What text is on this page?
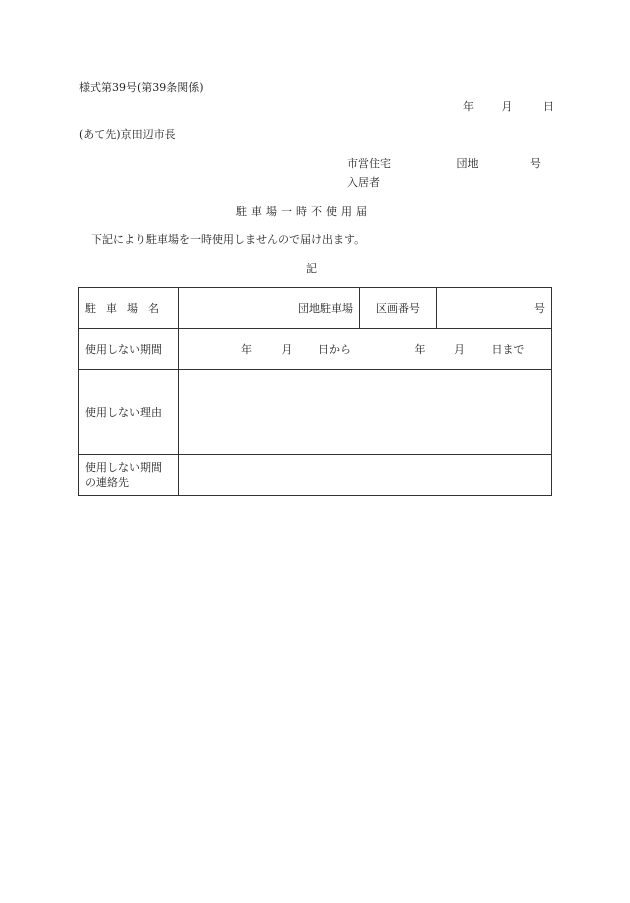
様式第39号(第39条関係)
年	月	日
(あて先)京田辺市長
市営住宅	団地	号
入居者
駐車場一時不使用届
下記により駐車場を一時使用しませんので届け出ます。
記
駐車場名	団地駐車場	区画番号	号
使用しない期間	年 月 日から 年 月 日まで		
使用しない理由			

使用しない期間
の連絡先			
